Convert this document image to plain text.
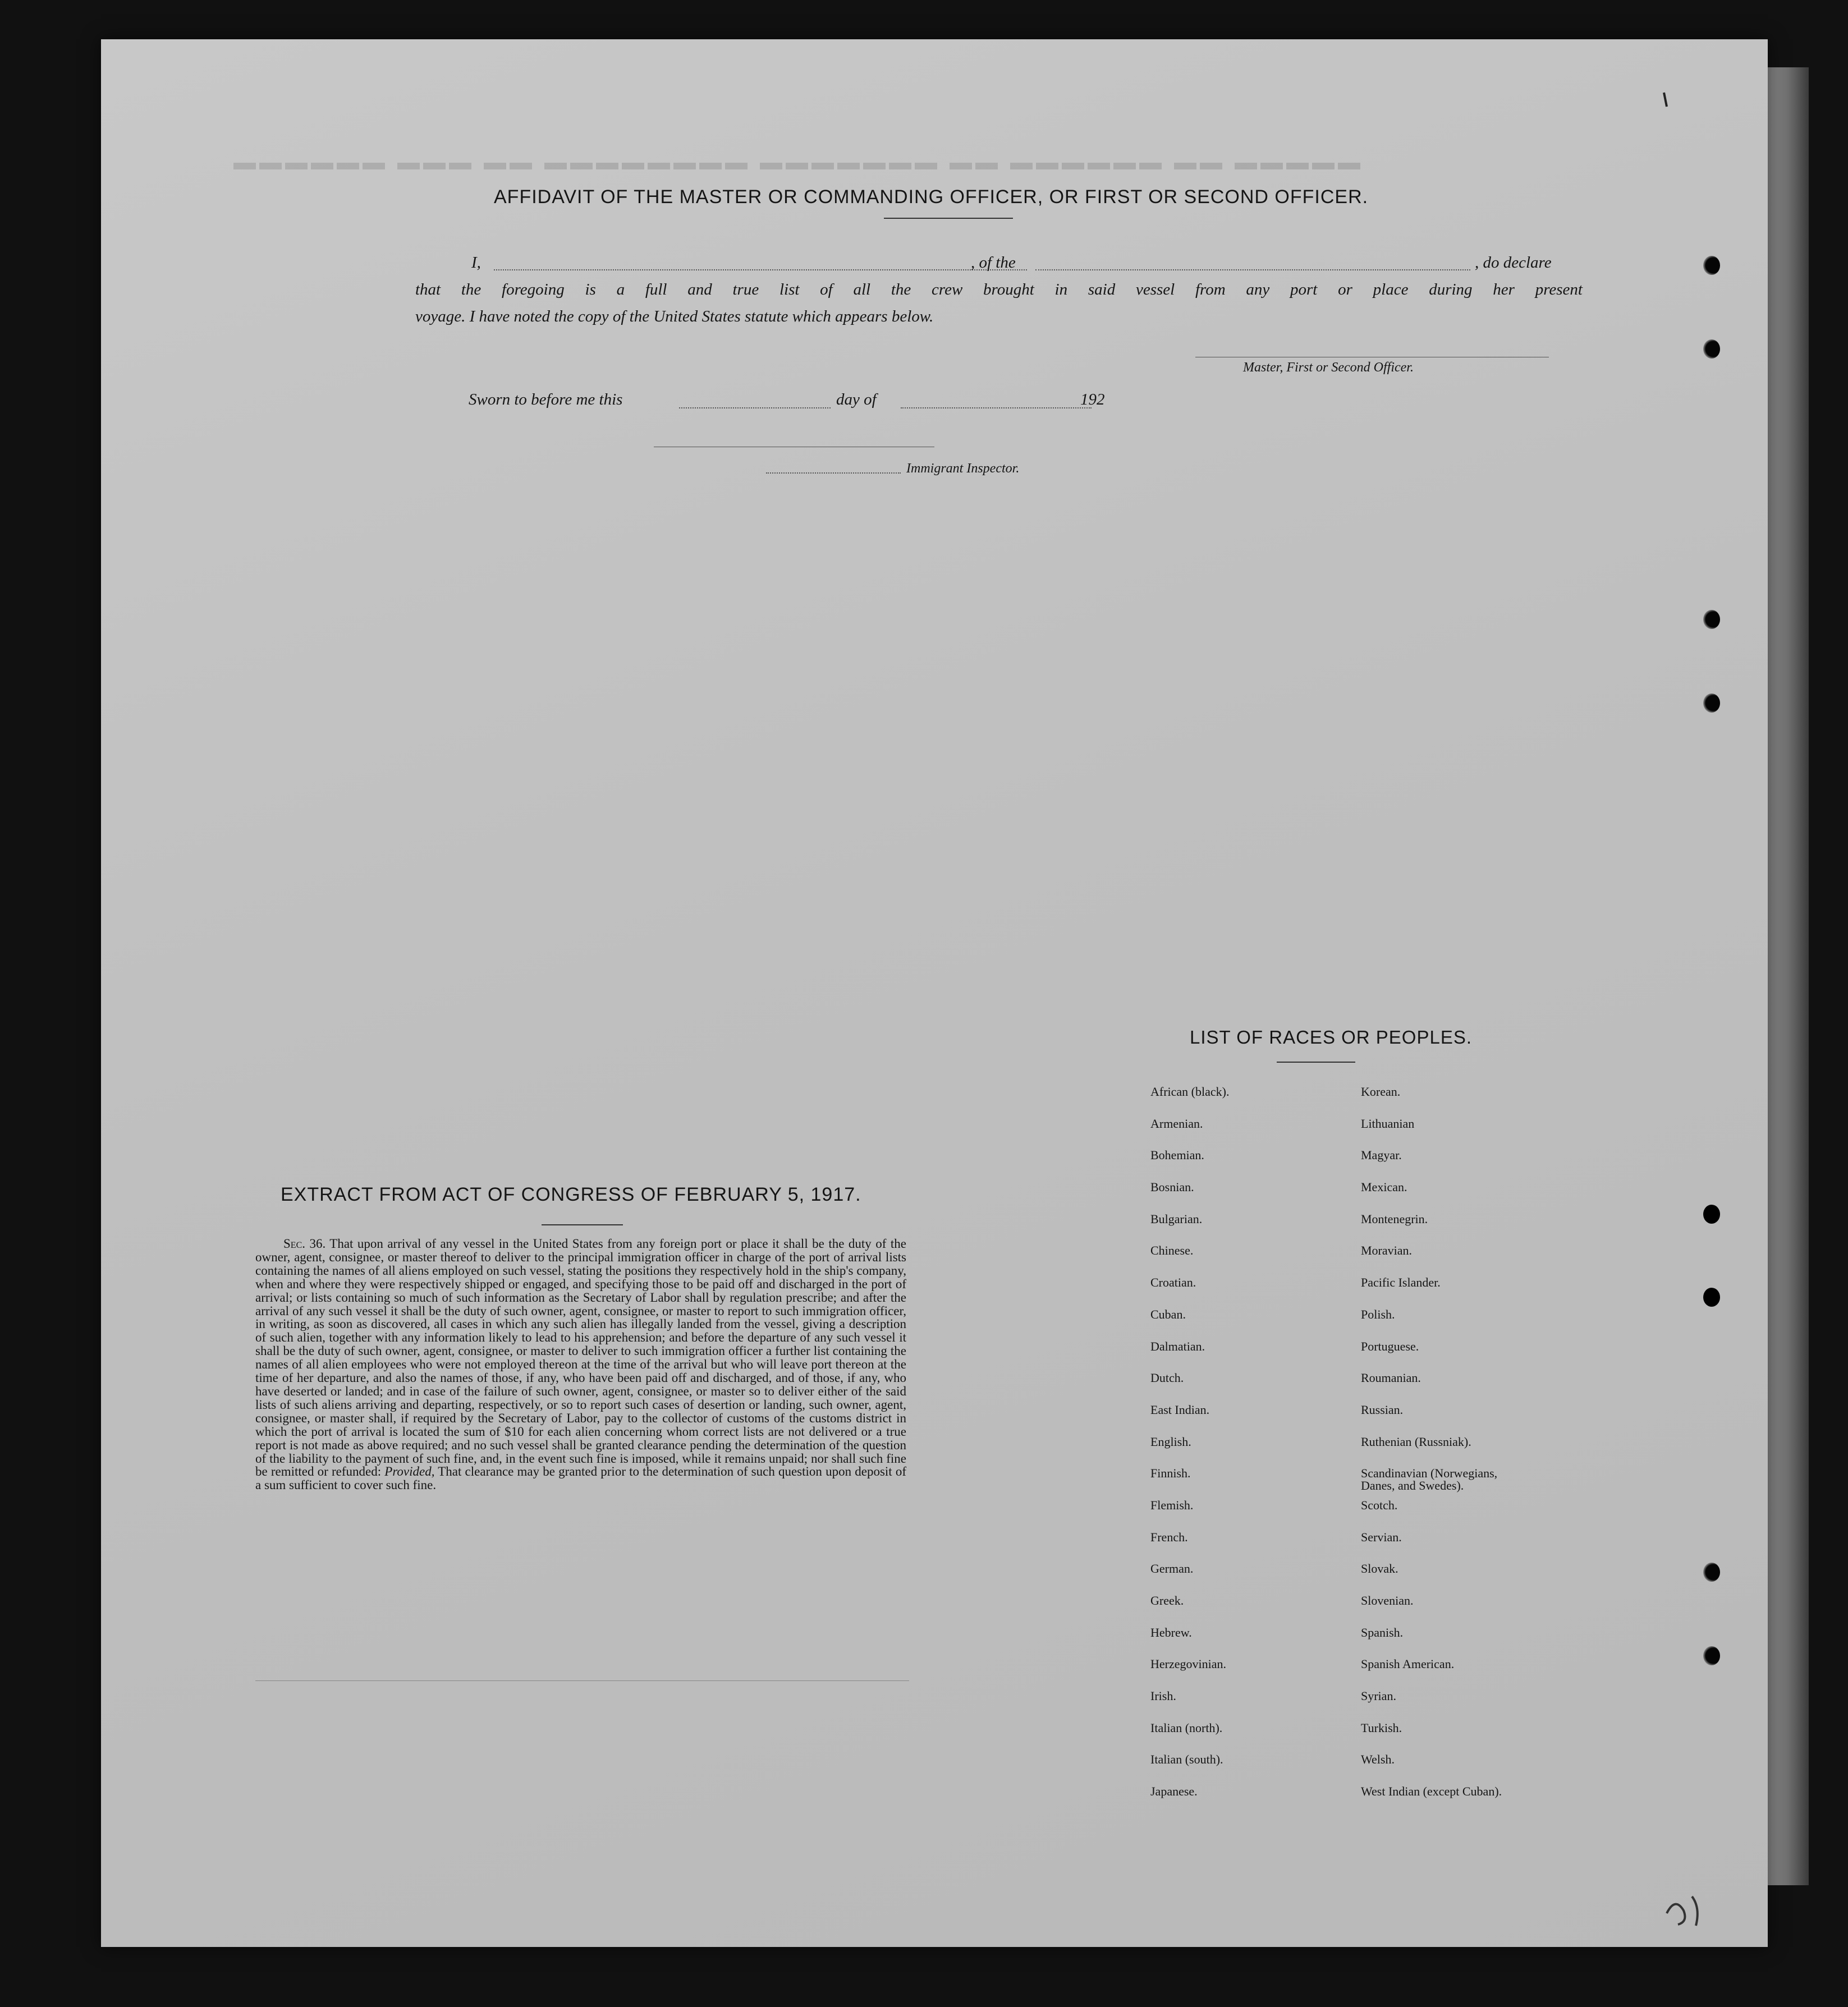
▬▬▬▬▬ ▬▬ ▬▬▬▬▬▬ ▬▬ ▬▬▬▬▬▬▬ ▬▬▬▬▬▬▬▬ ▬▬ ▬▬▬ ▬▬▬▬▬▬
AFFIDAVIT OF THE MASTER OR COMMANDING OFFICER, OR FIRST OR SECOND OFFICER.
I,	, of the	, do declare
that the foregoing is a full and true list of all the crew brought in said vessel from any port or place during her present
voyage. I have noted the copy of the United States statute which appears below.
Master, First or Second Officer.
Sworn to before me this	day of	192
Immigrant Inspector.
EXTRACT FROM ACT OF CONGRESS OF FEBRUARY 5, 1917.
Sec. 36. That upon arrival of any vessel in the United States from any foreign port or place it shall be the duty of the owner, agent, consignee, or master thereof to deliver to the principal immigration officer in charge of the port of arrival lists containing the names of all aliens employed on such vessel, stating the positions they respectively hold in the ship's company, when and where they were respectively shipped or engaged, and specifying those to be paid off and discharged in the port of arrival; or lists containing so much of such information as the Secretary of Labor shall by regulation prescribe; and after the arrival of any such vessel it shall be the duty of such owner, agent, consignee, or master to report to such immigration officer, in writing, as soon as discovered, all cases in which any such alien has illegally landed from the vessel, giving a description of such alien, together with any information likely to lead to his apprehension; and before the departure of any such vessel it shall be the duty of such owner, agent, consignee, or master to deliver to such immigration officer a further list containing the names of all alien employees who were not employed thereon at the time of the arrival but who will leave port thereon at the time of her departure, and also the names of those, if any, who have been paid off and discharged, and of those, if any, who have deserted or landed; and in case of the failure of such owner, agent, consignee, or master so to deliver either of the said lists of such aliens arriving and departing, respectively, or so to report such cases of desertion or landing, such owner, agent, consignee, or master shall, if required by the Secretary of Labor, pay to the collector of customs of the customs district in which the port of arrival is located the sum of $10 for each alien concerning whom correct lists are not delivered or a true report is not made as above required; and no such vessel shall be granted clearance pending the determination of the question of the liability to the payment of such fine, and, in the event such fine is imposed, while it remains unpaid; nor shall such fine be remitted or refunded: Provided, That clearance may be granted prior to the determination of such question upon deposit of a sum sufficient to cover such fine.
LIST OF RACES OR PEOPLES.
African (black).	Korean.
Armenian.	Lithuanian
Bohemian.	Magyar.
Bosnian.	Mexican.
Bulgarian.	Montenegrin.
Chinese.	Moravian.
Croatian.	Pacific Islander.
Cuban.	Polish.
Dalmatian.	Portuguese.
Dutch.	Roumanian.
East Indian.	Russian.
English.	Ruthenian (Russniak).
Finnish.	Scandinavian (Norwegians,
Danes, and Swedes).
Flemish.	Scotch.
French.	Servian.
German.	Slovak.
Greek.	Slovenian.
Hebrew.	Spanish.
Herzegovinian.	Spanish American.
Irish.	Syrian.
Italian (north).	Turkish.
Italian (south).	Welsh.
Japanese.	West Indian (except Cuban).
